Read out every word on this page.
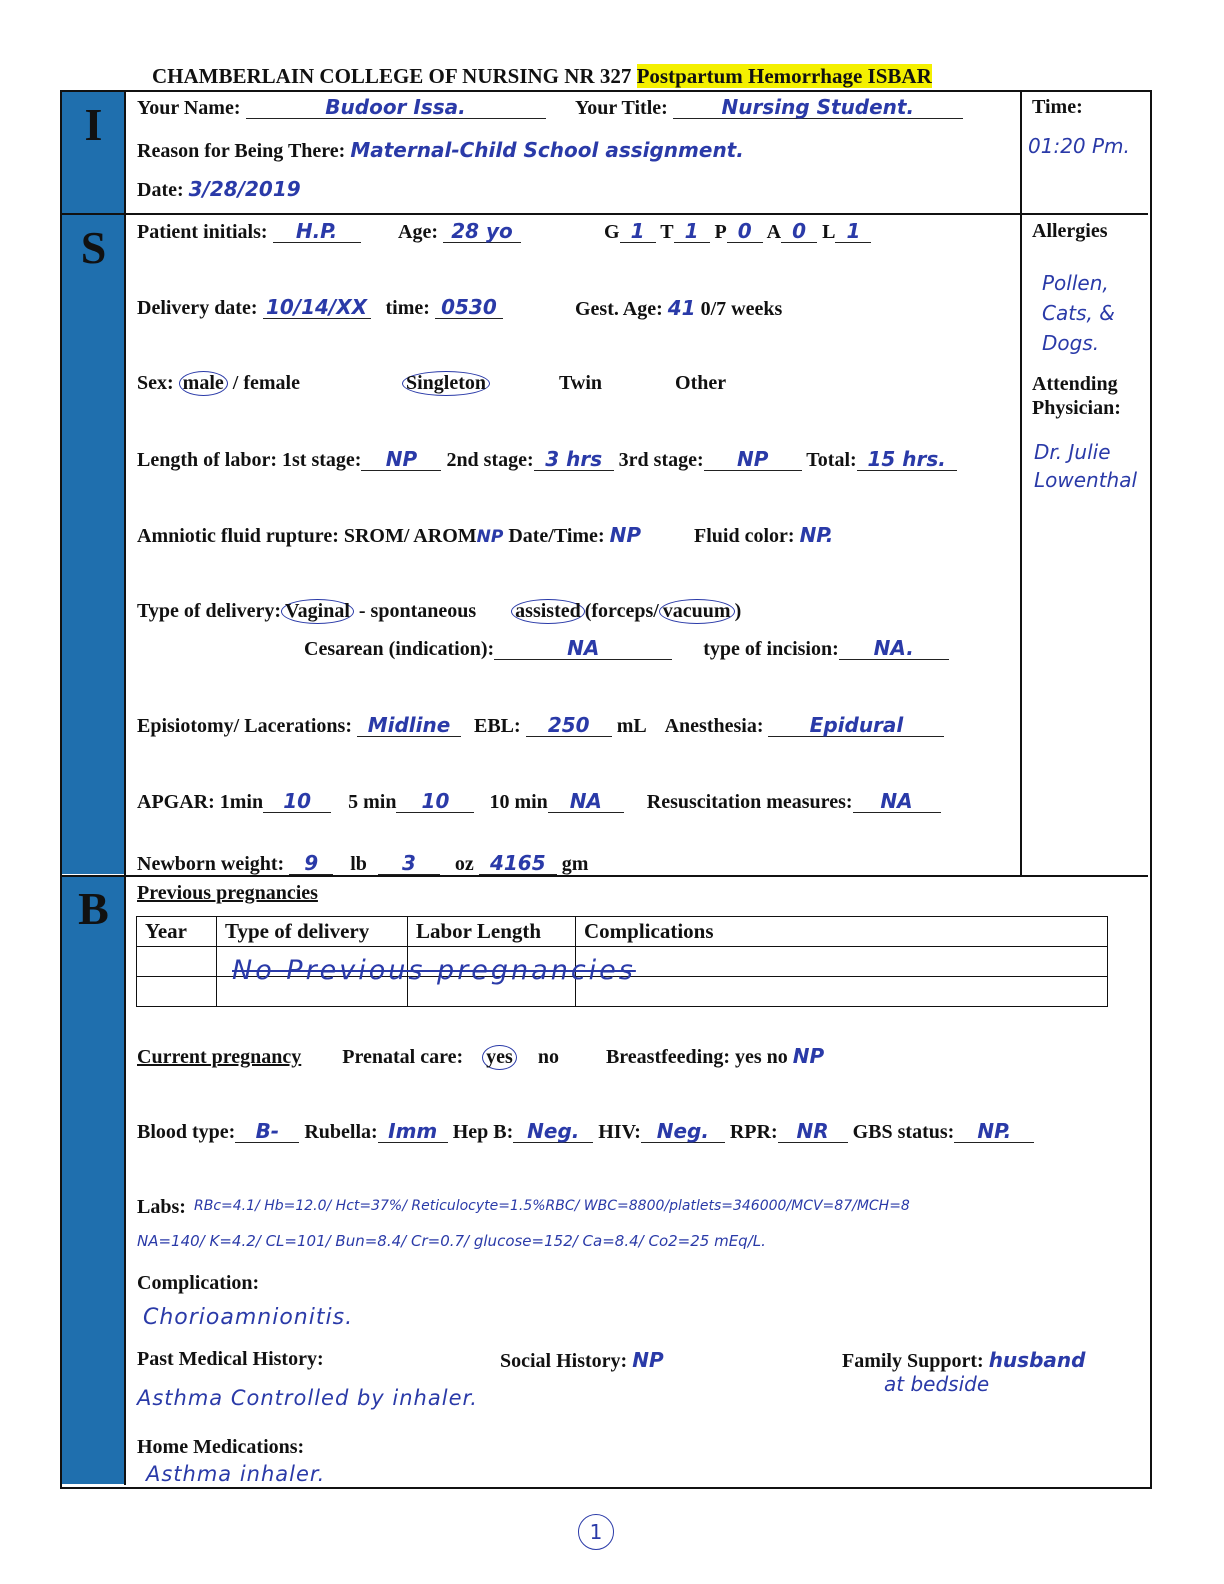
CHAMBERLAIN COLLEGE OF NURSING NR 327 Postpartum Hemorrhage ISBAR
I
S
B
Your Name:	Budoor Issa.	Your Title:	Nursing Student.	Time:
01:20 Pm.
Reason for Being There: Maternal-Child School assignment.
Date: 3/28/2019
Patient initials: H.P.	Age: 28 yo	G 1 T 1 P 0 A 0 L 1	Allergies
Pollen,
Cats, &
Dogs.
Attending
Physician:
Dr. Julie
Lowenthal
Delivery date: 10/14/XX time: 0530	Gest. Age: 41 0/7 weeks
Sex: male / female	Singleton	Twin	Other
Length of labor: 1st stage: NP 2nd stage: 3 hrs 3rd stage: NP Total: 15 hrs.
Amniotic fluid rupture: SROM/ AROMNP Date/Time: NP	Fluid color: NP.
Type of delivery: Vaginal - spontaneous assisted (forceps/ vacuum )
Cesarean (indication):	NA	type of incision: NA.
Episiotomy/ Lacerations: Midline EBL: 250 mL Anesthesia: Epidural
APGAR: 1min 10 5 min 10 10 min NA Resuscitation measures: NA
Newborn weight: 9 lb 3 oz 4165 gm
Previous pregnancies
Year	Type of delivery	Labor Length	Complications

No Previous pregnancies
Current pregnancy Prenatal care: yes no Breastfeeding: yes no NP
Blood type: B- Rubella: Imm Hep B: Neg. HIV: Neg. RPR: NR GBS status: NP.
Labs: RBc=4.1/ Hb=12.0/ Hct=37%/ Reticulocyte=1.5%RBC/ WBC=8800/platlets=346000/MCV=87/MCH=8
NA=140/ K=4.2/ CL=101/ Bun=8.4/ Cr=0.7/ glucose=152/ Ca=8.4/ Co2=25 mEq/L.
Complication:
Chorioamnionitis.
Past Medical History:
Asthma Controlled by inhaler.
Social History: NP	Family Support: husband
at bedside
Home Medications:
Asthma inhaler.
1
